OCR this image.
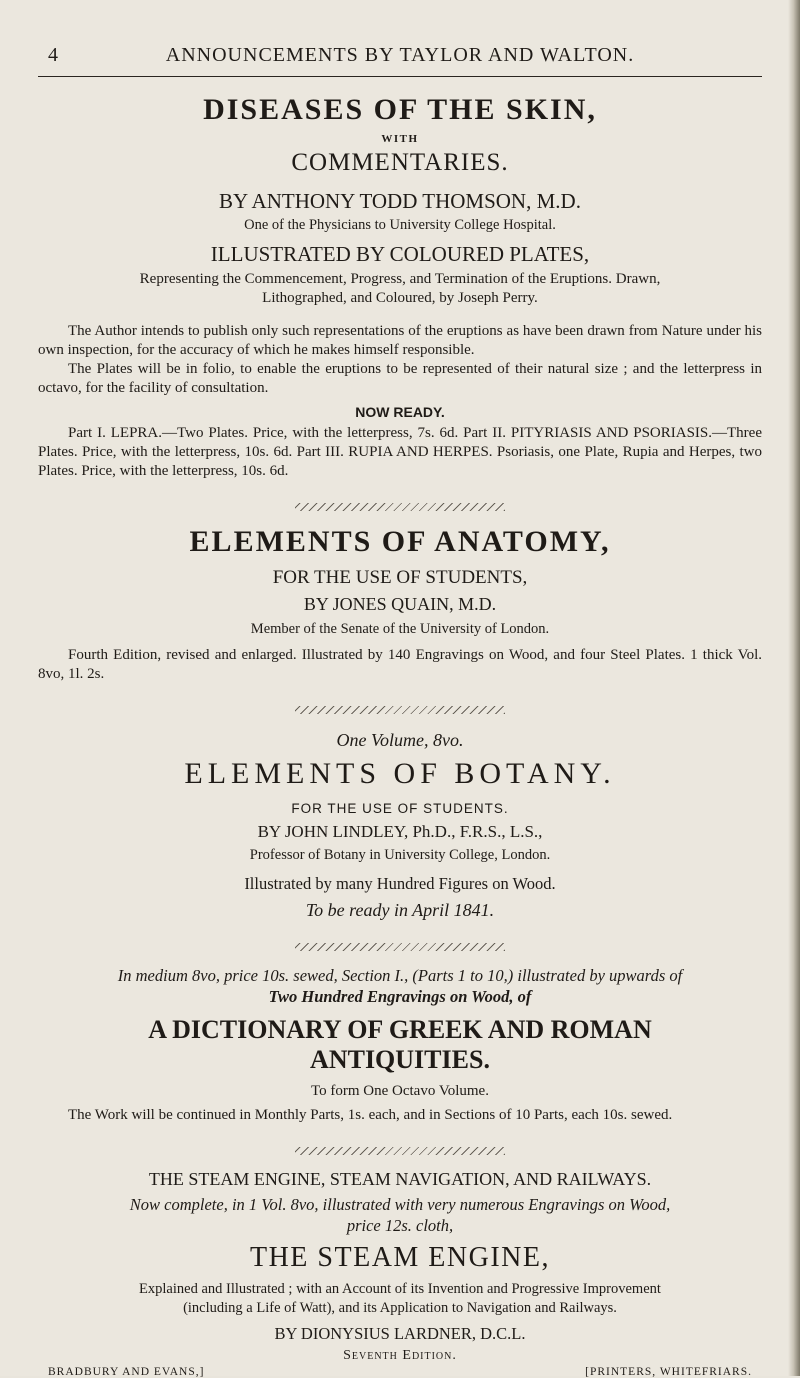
4	ANNOUNCEMENTS BY TAYLOR AND WALTON.
DISEASES OF THE SKIN,
WITH
COMMENTARIES.
BY ANTHONY TODD THOMSON, M.D.
One of the Physicians to University College Hospital.
ILLUSTRATED BY COLOURED PLATES,
Representing the Commencement, Progress, and Termination of the Eruptions. Drawn,
Lithographed, and Coloured, by Joseph Perry.

The Author intends to publish only such representations of the eruptions as have been drawn from Nature under his own inspection, for the accuracy of which he makes himself responsible.

The Plates will be in folio, to enable the eruptions to be represented of their natural size ; and the letterpress in octavo, for the facility of consultation.

NOW READY.

Part I. LEPRA.—Two Plates. Price, with the letterpress, 7s. 6d. Part II. PITYRIASIS AND PSORIASIS.—Three Plates. Price, with the letterpress, 10s. 6d. Part III. RUPIA AND HERPES. Psoriasis, one Plate, Rupia and Herpes, two Plates. Price, with the letterpress, 10s. 6d.

ELEMENTS OF ANATOMY,
FOR THE USE OF STUDENTS,
BY JONES QUAIN, M.D.
Member of the Senate of the University of London.

Fourth Edition, revised and enlarged. Illustrated by 140 Engravings on Wood, and four Steel Plates. 1 thick Vol. 8vo, 1l. 2s.

One Volume, 8vo.
ELEMENTS OF BOTANY.
FOR THE USE OF STUDENTS.
BY JOHN LINDLEY, Ph.D., F.R.S., L.S.,
Professor of Botany in University College, London.
Illustrated by many Hundred Figures on Wood.
To be ready in April 1841.
In medium 8vo, price 10s. sewed, Section I., (Parts 1 to 10,) illustrated by upwards of
Two Hundred Engravings on Wood, of
A DICTIONARY OF GREEK AND ROMAN
ANTIQUITIES.
To form One Octavo Volume.

The Work will be continued in Monthly Parts, 1s. each, and in Sections of 10 Parts, each 10s. sewed.

THE STEAM ENGINE, STEAM NAVIGATION, AND RAILWAYS.
Now complete, in 1 Vol. 8vo, illustrated with very numerous Engravings on Wood,
price 12s. cloth,
THE STEAM ENGINE,
Explained and Illustrated ; with an Account of its Invention and Progressive Improvement
(including a Life of Watt), and its Application to Navigation and Railways.
BY DIONYSIUS LARDNER, D.C.L.
Seventh Edition.
BRADBURY AND EVANS,]	[PRINTERS, WHITEFRIARS.
